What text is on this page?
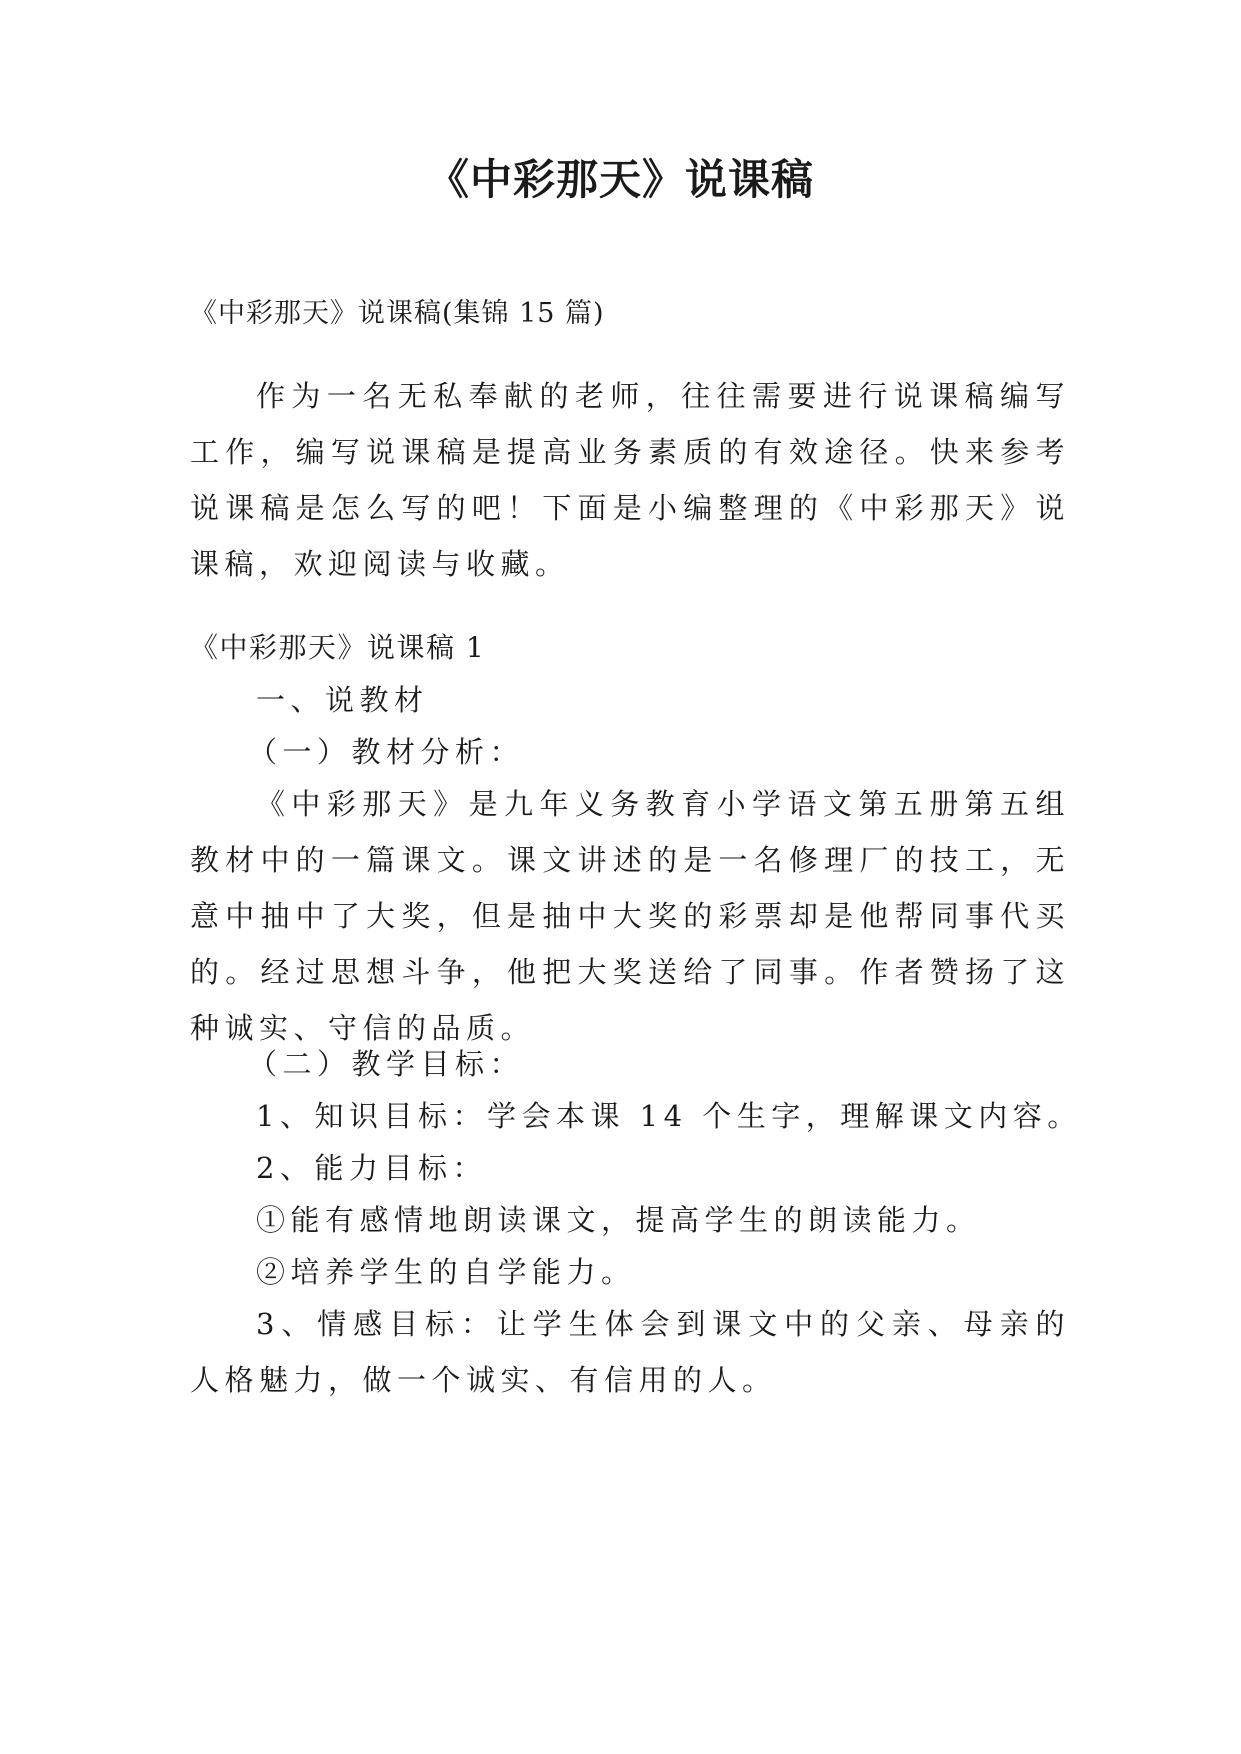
《中彩那天》说课稿
《中彩那天》说课稿(集锦 15 篇)
作为一名无私奉献的老师，往往需要进行说课稿编写工作，编写说课稿是提高业务素质的有效途径。快来参考说课稿是怎么写的吧！下面是小编整理的《中彩那天》说课稿，欢迎阅读与收藏。
《中彩那天》说课稿 1
一、说教材
（一）教材分析：
《中彩那天》是九年义务教育小学语文第五册第五组教材中的一篇课文。课文讲述的是一名修理厂的技工，无意中抽中了大奖，但是抽中大奖的彩票却是他帮同事代买的。经过思想斗争，他把大奖送给了同事。作者赞扬了这种诚实、守信的品质。
（二）教学目标：
1、知识目标：学会本课 14 个生字，理解课文内容。
2、能力目标：
①能有感情地朗读课文，提高学生的朗读能力。
②培养学生的自学能力。
3、情感目标：让学生体会到课文中的父亲、母亲的人格魅力，做一个诚实、有信用的人。
